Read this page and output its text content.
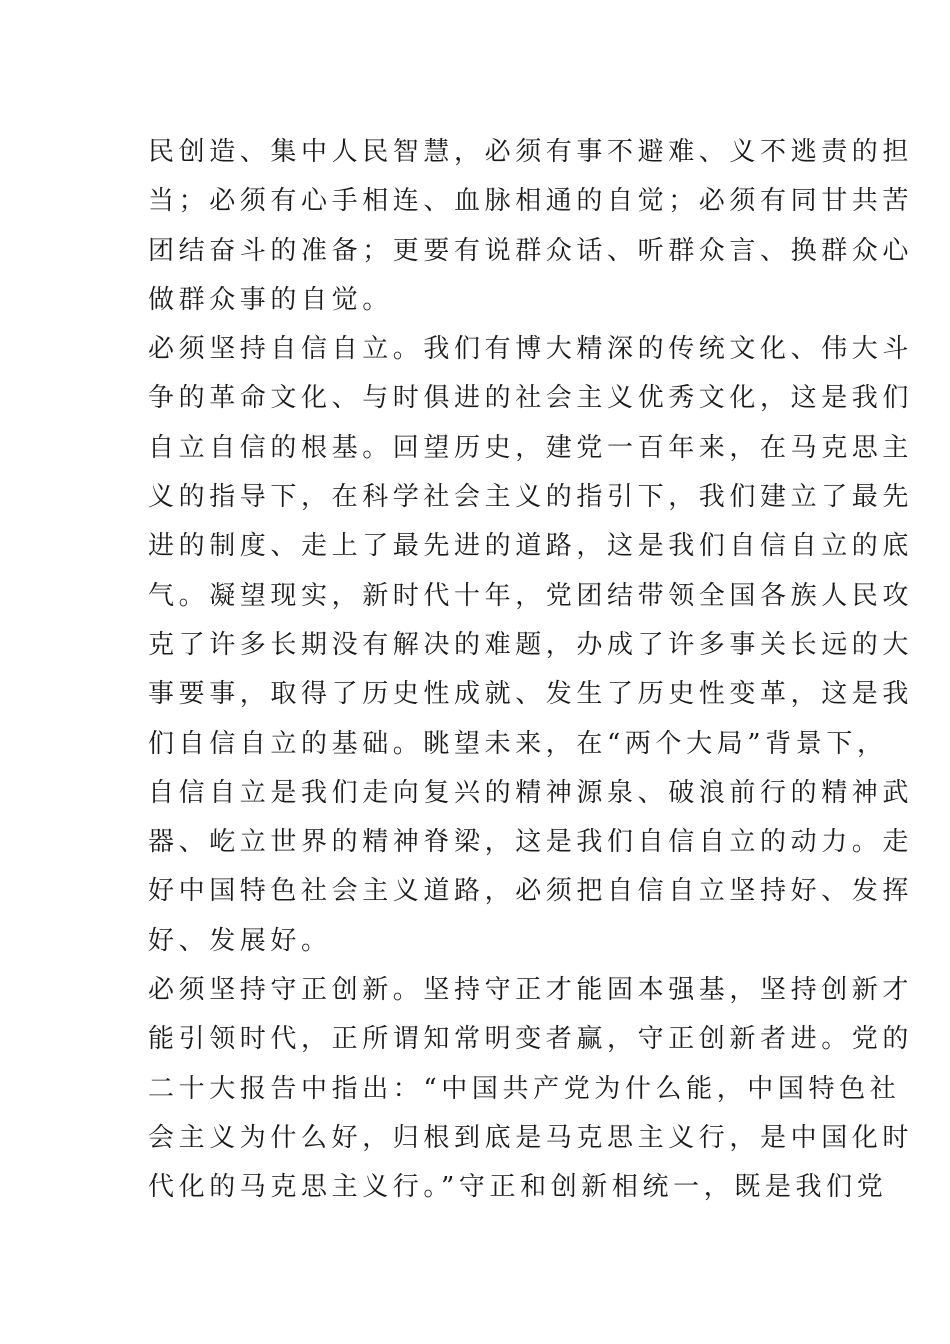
民创造、集中人民智慧，必须有事不避难、义不逃责的担
当；必须有心手相连、血脉相通的自觉；必须有同甘共苦
团结奋斗的准备；更要有说群众话、听群众言、换群众心
做群众事的自觉。
必须坚持自信自立。我们有博大精深的传统文化、伟大斗
争的革命文化、与时俱进的社会主义优秀文化，这是我们
自立自信的根基。回望历史，建党一百年来，在马克思主
义的指导下，在科学社会主义的指引下，我们建立了最先
进的制度、走上了最先进的道路，这是我们自信自立的底
气。凝望现实，新时代十年，党团结带领全国各族人民攻
克了许多长期没有解决的难题，办成了许多事关长远的大
事要事，取得了历史性成就、发生了历史性变革，这是我
们自信自立的基础。眺望未来，在“两个大局”背景下，
自信自立是我们走向复兴的精神源泉、破浪前行的精神武
器、屹立世界的精神脊梁，这是我们自信自立的动力。走
好中国特色社会主义道路，必须把自信自立坚持好、发挥
好、发展好。
必须坚持守正创新。坚持守正才能固本强基，坚持创新才
能引领时代，正所谓知常明变者赢，守正创新者进。党的
二十大报告中指出：“中国共产党为什么能，中国特色社
会主义为什么好，归根到底是马克思主义行，是中国化时
代化的马克思主义行。”守正和创新相统一，既是我们党
